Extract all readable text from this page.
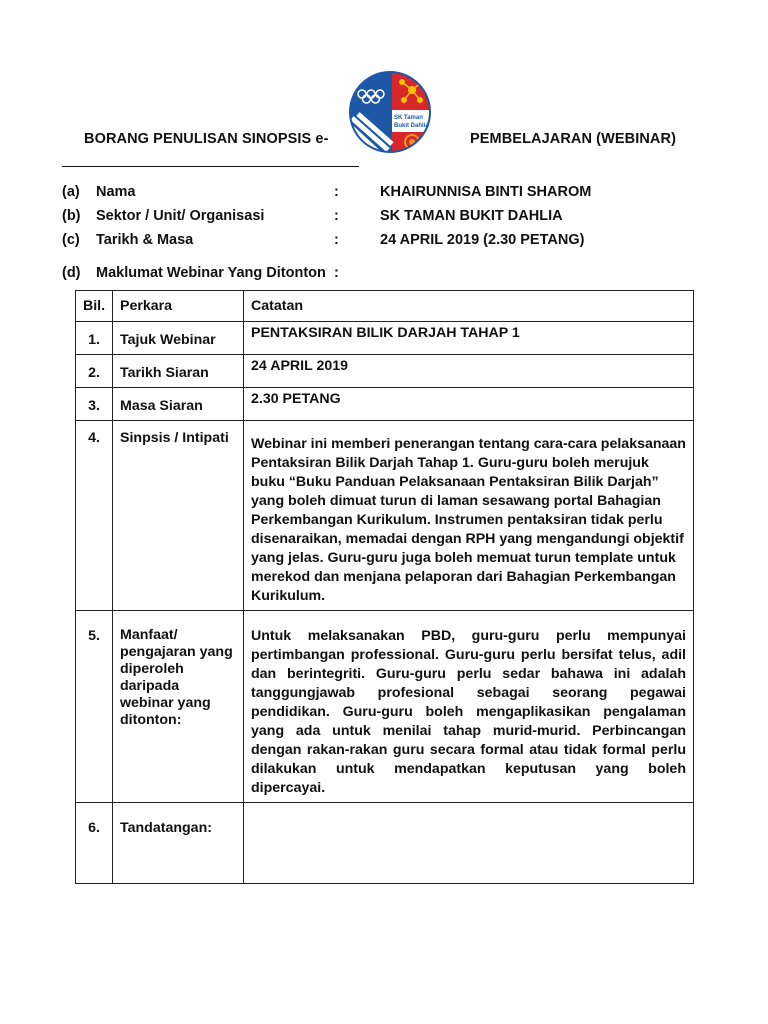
SK Taman
Bukit Dahlia
BORANG PENULISAN SINOPSIS e-	PEMBELAJARAN (WEBINAR)
(a) Nama	:	KHAIRUNNISA BINTI SHAROM
(b) Sektor / Unit/ Organisasi	:	SK TAMAN BUKIT DAHLIA
(c) Tarikh & Masa	:	24 APRIL 2019 (2.30 PETANG)
(d) Maklumat Webinar Yang Ditonton :
Bil.	Perkara	Catatan

1.	Tajuk Webinar	PENTAKSIRAN BILIK DARJAH TAHAP 1

2.	Tarikh Siaran	24 APRIL 2019

3.	Masa Siaran	2.30 PETANG

4.	Sinpsis / Intipati	Webinar ini memberi penerangan tentang cara-cara pelaksanaan Pentaksiran Bilik Darjah Tahap 1. Guru-guru boleh merujuk buku “Buku Panduan Pelaksanaan Pentaksiran Bilik Darjah” yang boleh dimuat turun di laman sesawang portal Bahagian Perkembangan Kurikulum. Instrumen pentaksiran tidak perlu disenaraikan, memadai dengan RPH yang mengandungi objektif yang jelas. Guru-guru juga boleh memuat turun template untuk merekod dan menjana pelaporan dari Bahagian Perkembangan Kurikulum.

5.	Manfaat/ pengajaran yang diperoleh daripada webinar yang ditonton:	Untuk melaksanakan PBD, guru-guru perlu mempunyai pertimbangan professional. Guru-guru perlu bersifat telus, adil dan berintegriti. Guru-guru perlu sedar bahawa ini adalah tanggungjawab profesional sebagai seorang pegawai pendidikan. Guru-guru boleh mengaplikasikan pengalaman yang ada untuk menilai tahap murid-murid. Perbincangan dengan rakan-rakan guru secara formal atau tidak formal perlu dilakukan untuk mendapatkan keputusan yang boleh dipercayai.

6.	Tandatangan:	
